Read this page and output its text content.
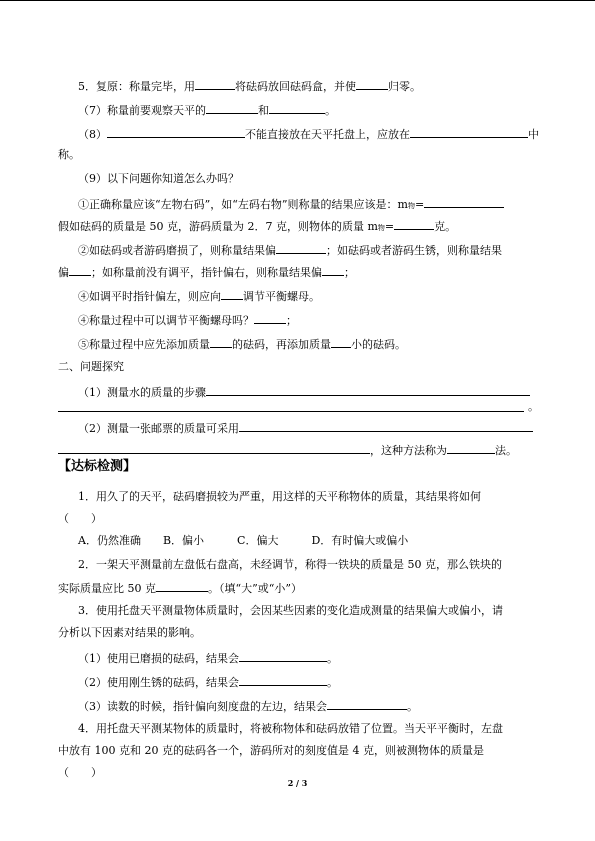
5．复原：称量完毕，用	将砝码放回砝码盒，并使	归零。
（7）称量前要观察天平的	和	。
（8）	不能直接放在天平托盘上，应放在	中
称。
（9）以下问题你知道怎么办吗？
①正确称量应该“左物右码”，如“左码右物”则称量的结果应该是：m物=
假如砝码的质量是 50 克，游码质量为 2．7 克，则物体的质量 m物=	克。
②如砝码或者游码磨损了，则称量结果偏	；如砝码或者游码生锈，则称量结果
偏 ；如称量前没有调平，指针偏右，则称量结果偏 ；
④如调平时指针偏左，则应向 调节平衡螺母。
④称量过程中可以调节平衡螺母吗？	；
⑤称量过程中应先添加质量 的砝码，再添加质量 小的砝码。
二、问题探究
（1）测量水的质量的步骤
。
（2）测量一张邮票的质量可采用
，这种方法称为	法。
【达标检测】
1．用久了的天平，砝码磨损较为严重，用这样的天平称物体的质量，其结果将如何
（　　）
A．仍然准确　　B．偏小　　　C．偏大　　　D．有时偏大或偏小
2．一架天平测量前左盘低右盘高，未经调节，称得一铁块的质量是 50 克，那么铁块的
实际质量应比 50 克	。（填“大”或“小”）
3．使用托盘天平测量物体质量时，会因某些因素的变化造成测量的结果偏大或偏小，请
分析以下因素对结果的影响。
（1）使用已磨损的砝码，结果会	。
（2）使用刚生锈的砝码，结果会	。
（3）读数的时候，指针偏向刻度盘的左边，结果会	。
4．用托盘天平测某物体的质量时，将被称物体和砝码放错了位置。当天平平衡时，左盘
中放有 100 克和 20 克的砝码各一个，游码所对的刻度值是 4 克，则被测物体的质量是
（　　）
2 / 3
